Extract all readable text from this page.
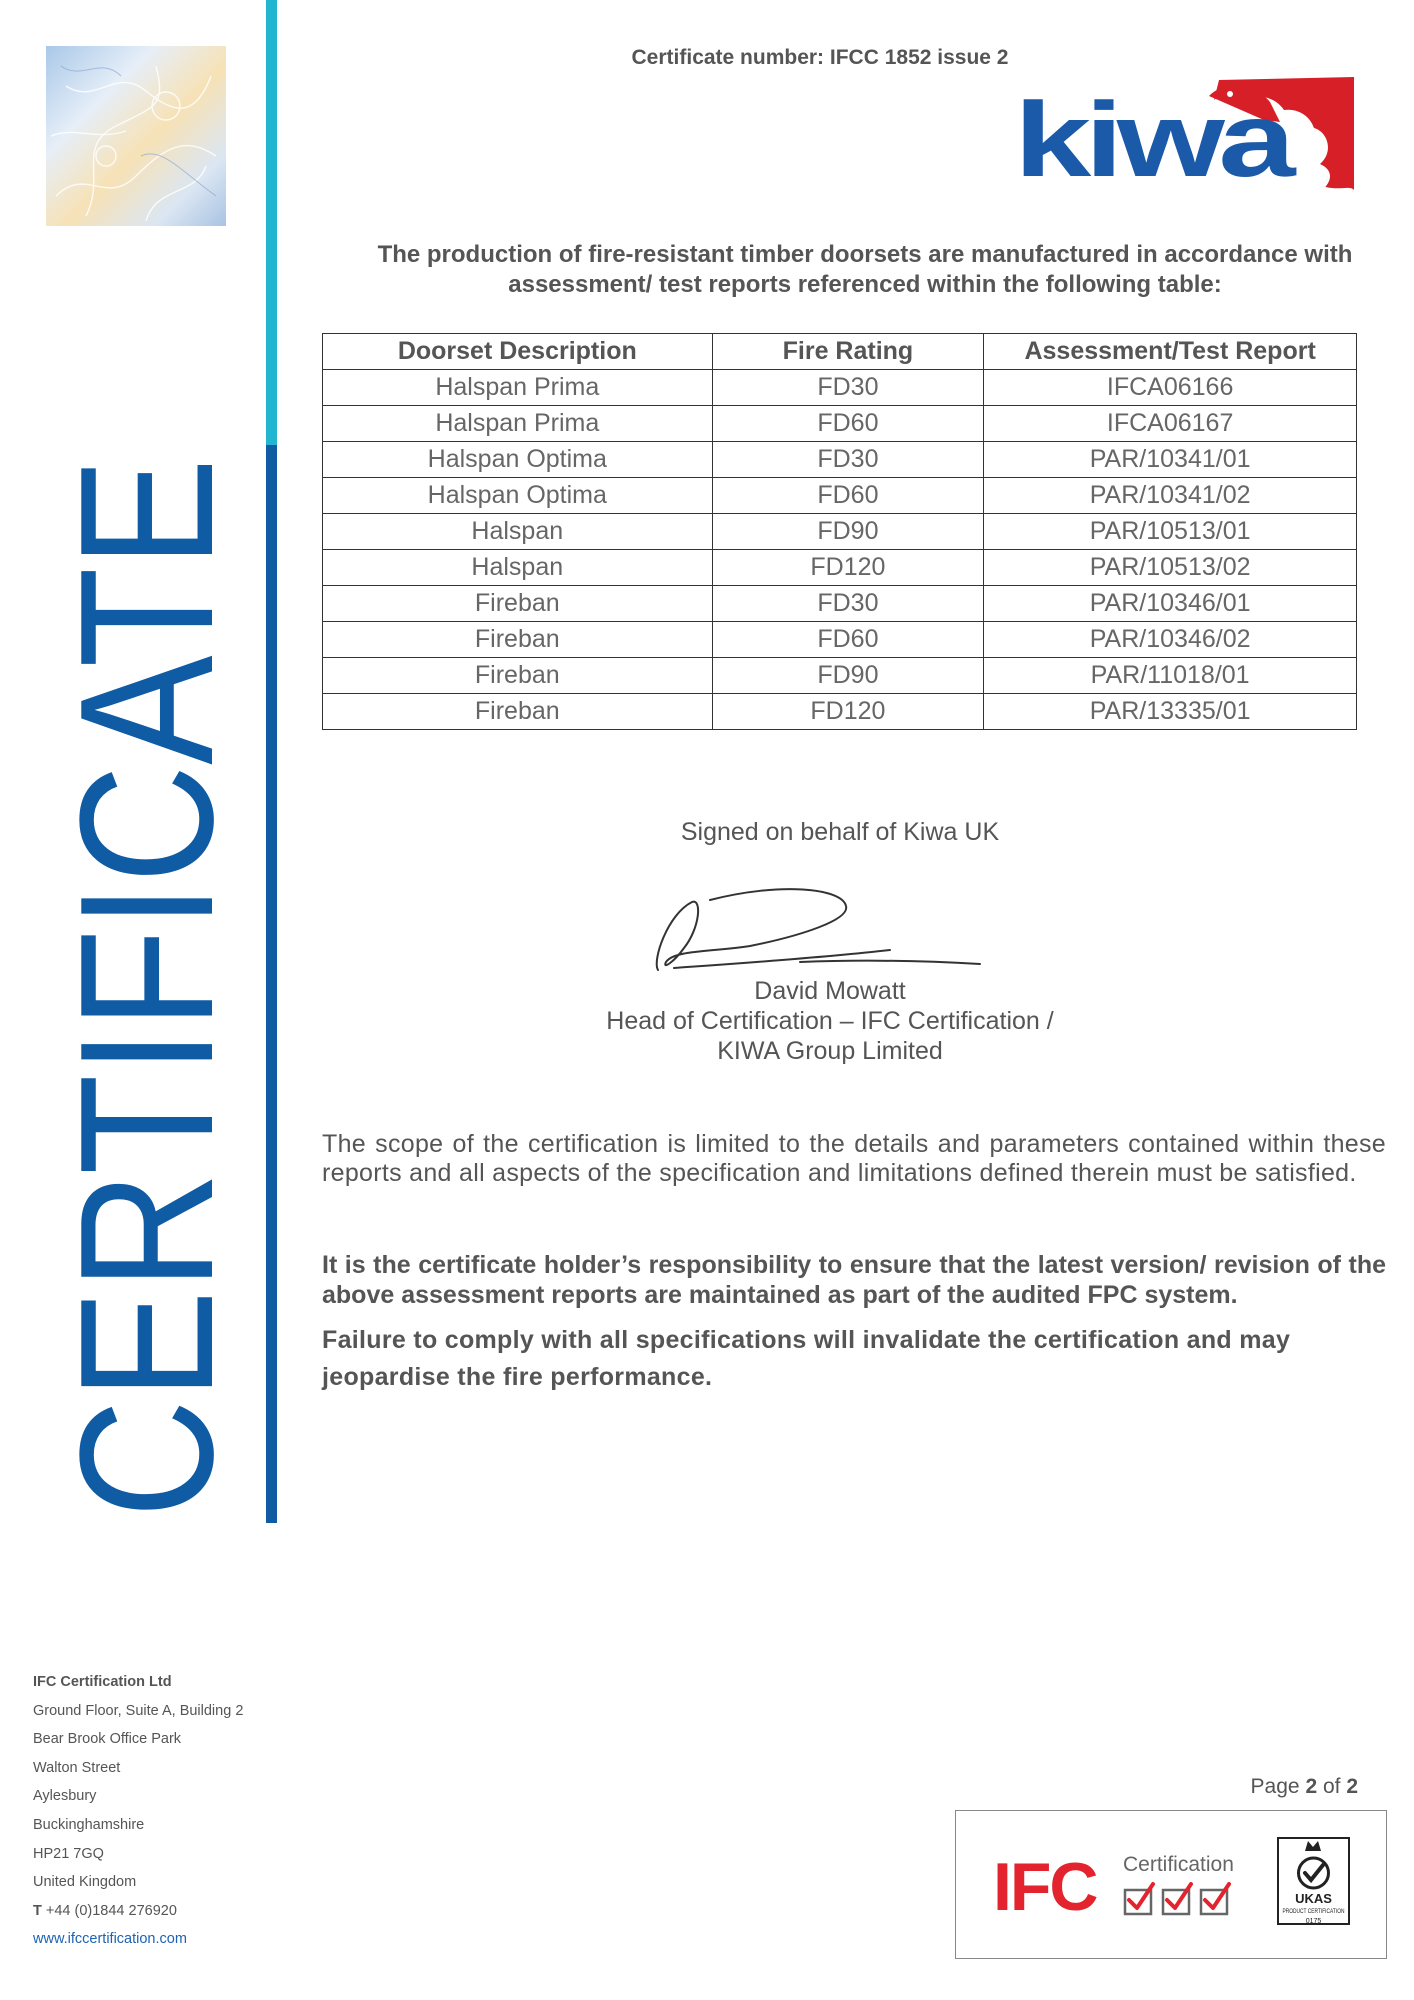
CERTIFICATE
Certificate number: IFCC 1852 issue 2
kiwa
The production of fire-resistant timber doorsets are manufactured in accordance with assessment/ test reports referenced within the following table:
Doorset Description	Fire Rating	Assessment/Test Report
Halspan Prima	FD30	IFCA06166
Halspan Prima	FD60	IFCA06167
Halspan Optima	FD30	PAR/10341/01
Halspan Optima	FD60	PAR/10341/02
Halspan	FD90	PAR/10513/01
Halspan	FD120	PAR/10513/02
Fireban	FD30	PAR/10346/01
Fireban	FD60	PAR/10346/02
Fireban	FD90	PAR/11018/01
Fireban	FD120	PAR/13335/01
Signed on behalf of Kiwa UK
David Mowatt
Head of Certification – IFC Certification /
KIWA Group Limited
The scope of the certification is limited to the details and parameters contained within these reports and all aspects of the specification and limitations defined therein must be satisfied.
It is the certificate holder’s responsibility to ensure that the latest version/ revision of the above assessment reports are maintained as part of the audited FPC system.
Failure to comply with all specifications will invalidate the certification and may jeopardise the fire performance.
IFC Certification Ltd
Ground Floor, Suite A, Building 2
Bear Brook Office Park
Walton Street
Aylesbury
Buckinghamshire
HP21 7GQ
United Kingdom
T +44 (0)1844 276920
www.ifccertification.com
Page 2 of 2
IFC Certification
UKAS
PRODUCT CERTIFICATION
0175
